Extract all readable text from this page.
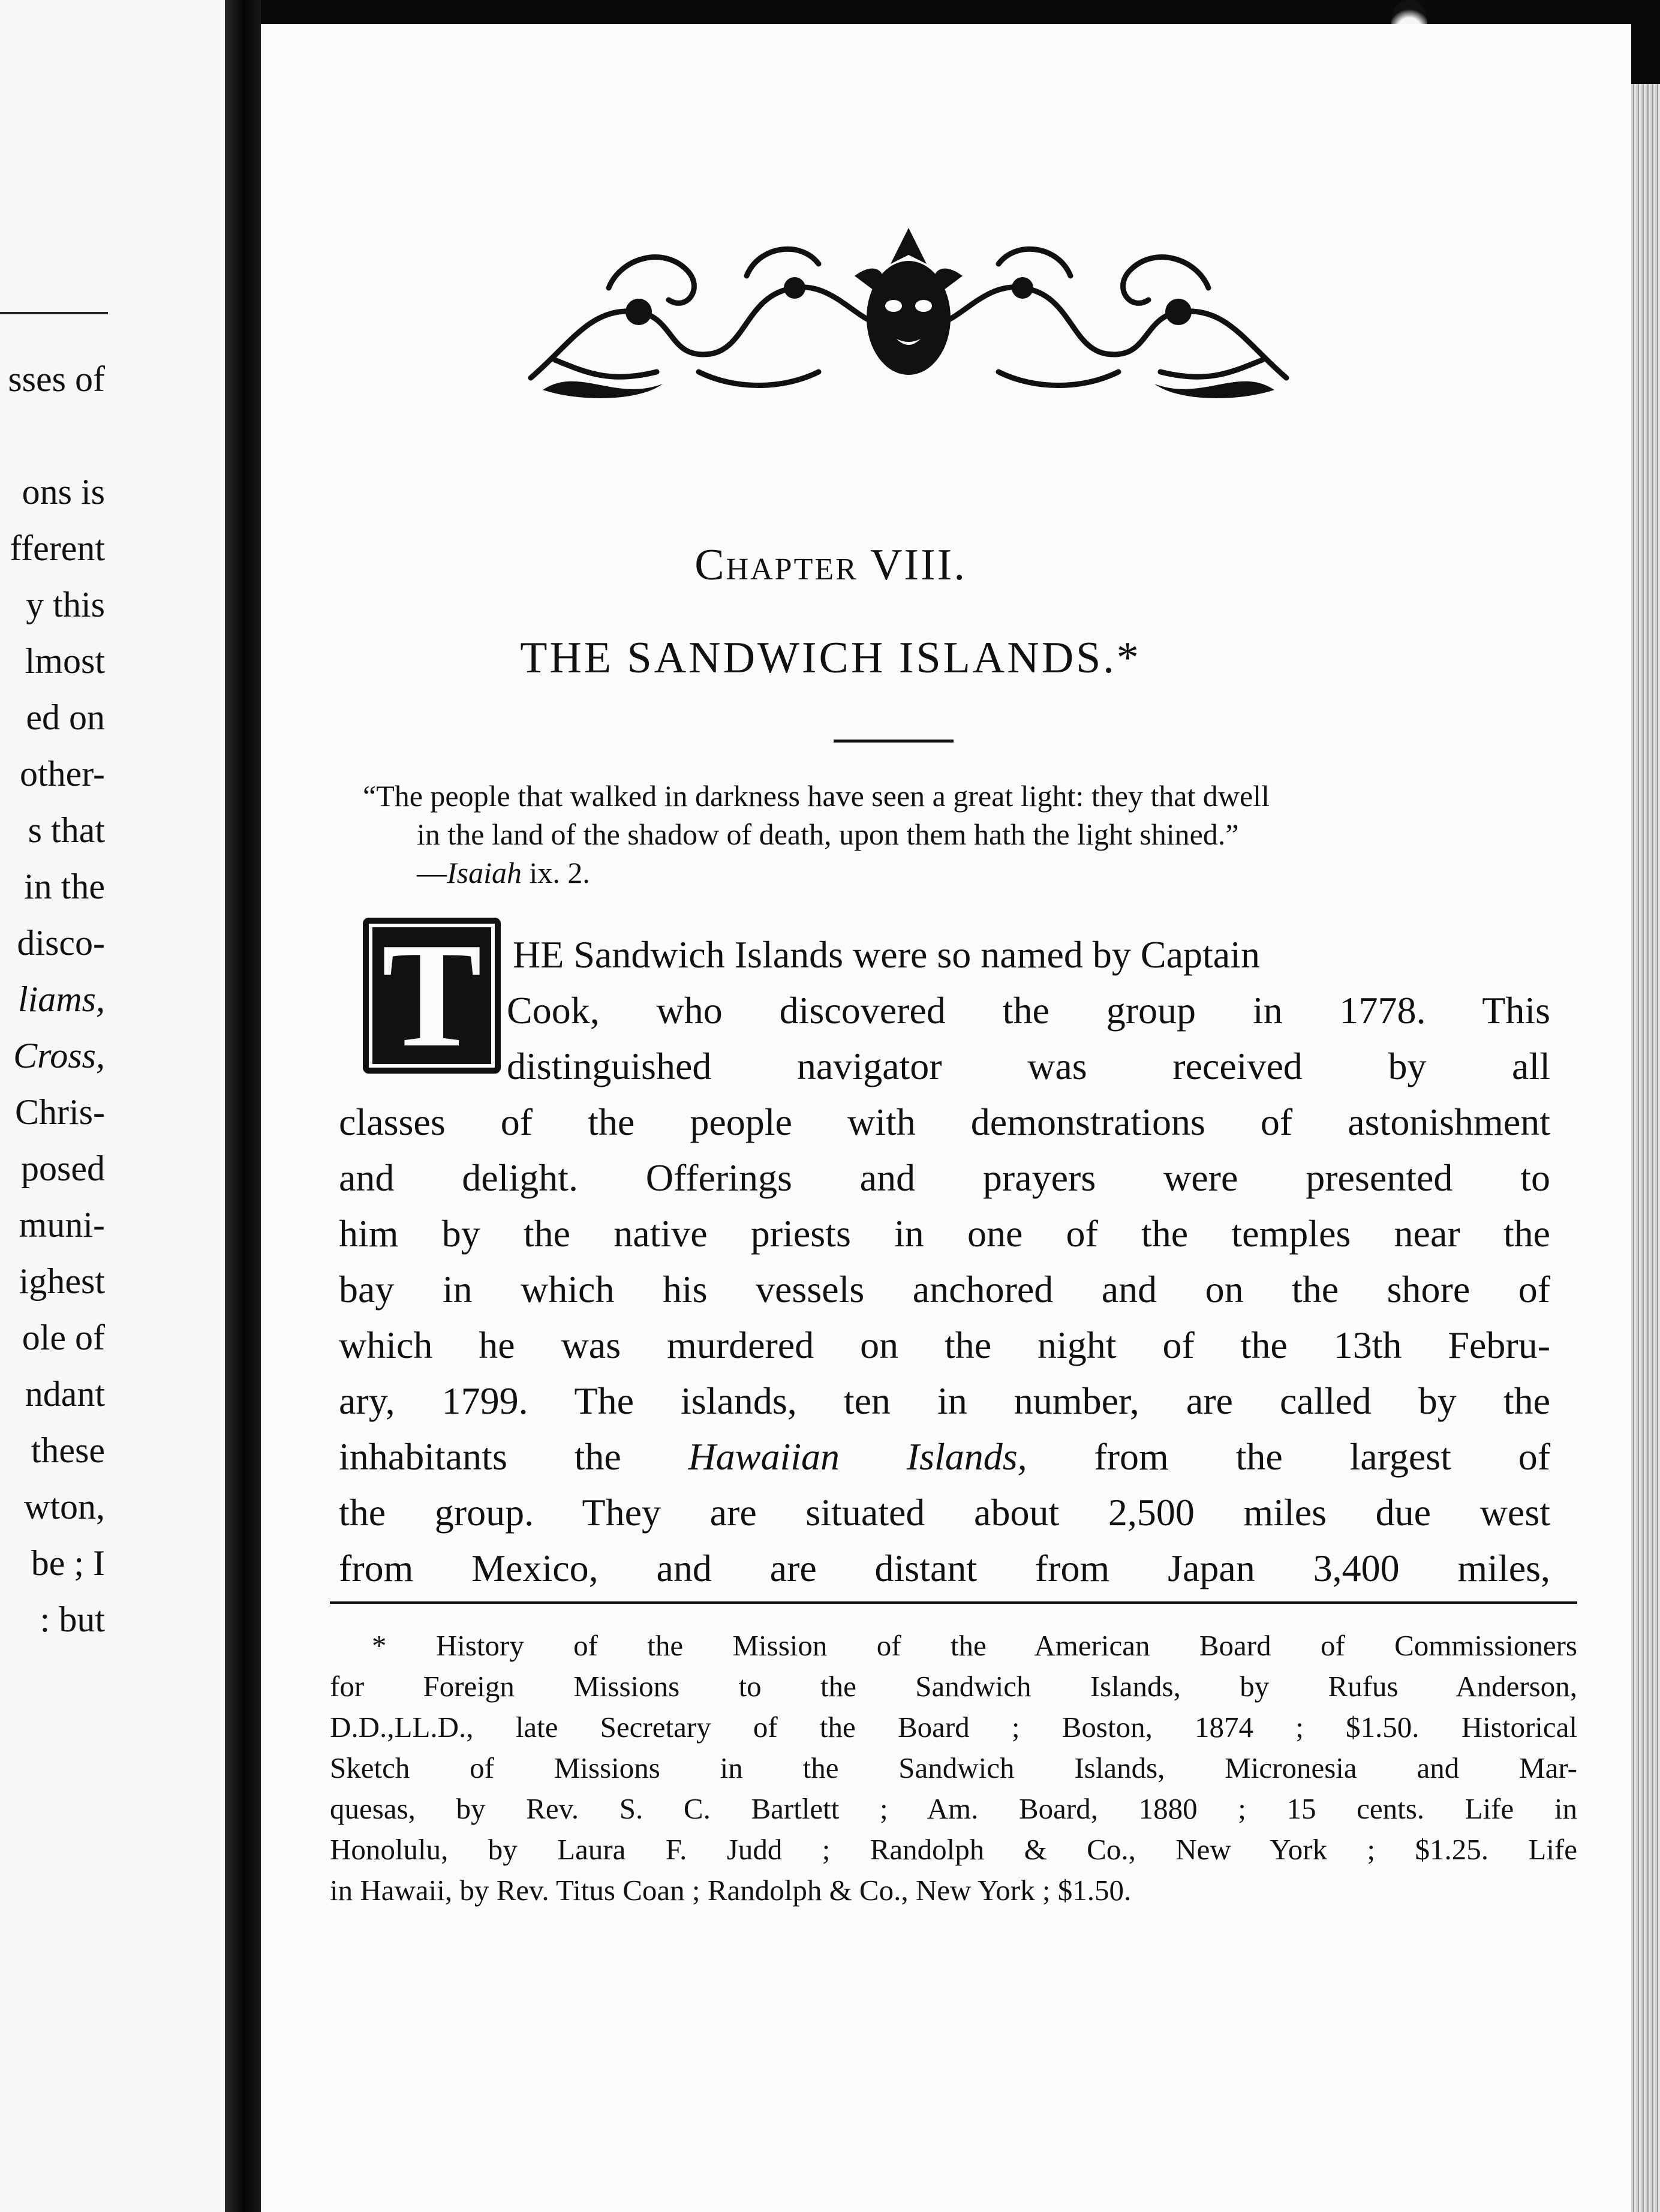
sses of
ons is
fferent
y this
lmost
ed on
other-
s that
in the
disco-
liams,
Cross,
Chris-
posed
muni-
ighest
ole of
ndant
these
wton,
be ; I
: but
Chapter VIII.
THE SANDWICH ISLANDS.*
“The people that walked in darkness have seen a great light: they that dwell
in the land of the shadow of death, upon them hath the light shined.”
—Isaiah ix. 2.
T HE Sandwich Islands were so named by Captain
Cook, who discovered the group in 1778. This
distinguished navigator was received by all
classes of the people with demonstrations of astonishment
and delight. Offerings and prayers were presented to
him by the native priests in one of the temples near the
bay in which his vessels anchored and on the shore of
which he was murdered on the night of the 13th Febru-
ary, 1799. The islands, ten in number, are called by the
inhabitants the Hawaiian Islands, from the largest of
the group. They are situated about 2,500 miles due west
from Mexico, and are distant from Japan 3,400 miles,
* History of the Mission of the American Board of Commissioners
for Foreign Missions to the Sandwich Islands, by Rufus Anderson,
D.D.,LL.D., late Secretary of the Board ; Boston, 1874 ; $1.50. Historical
Sketch of Missions in the Sandwich Islands, Micronesia and Mar-
quesas, by Rev. S. C. Bartlett ; Am. Board, 1880 ; 15 cents. Life in
Honolulu, by Laura F. Judd ; Randolph & Co., New York ; $1.25. Life
in Hawaii, by Rev. Titus Coan ; Randolph & Co., New York ; $1.50.
